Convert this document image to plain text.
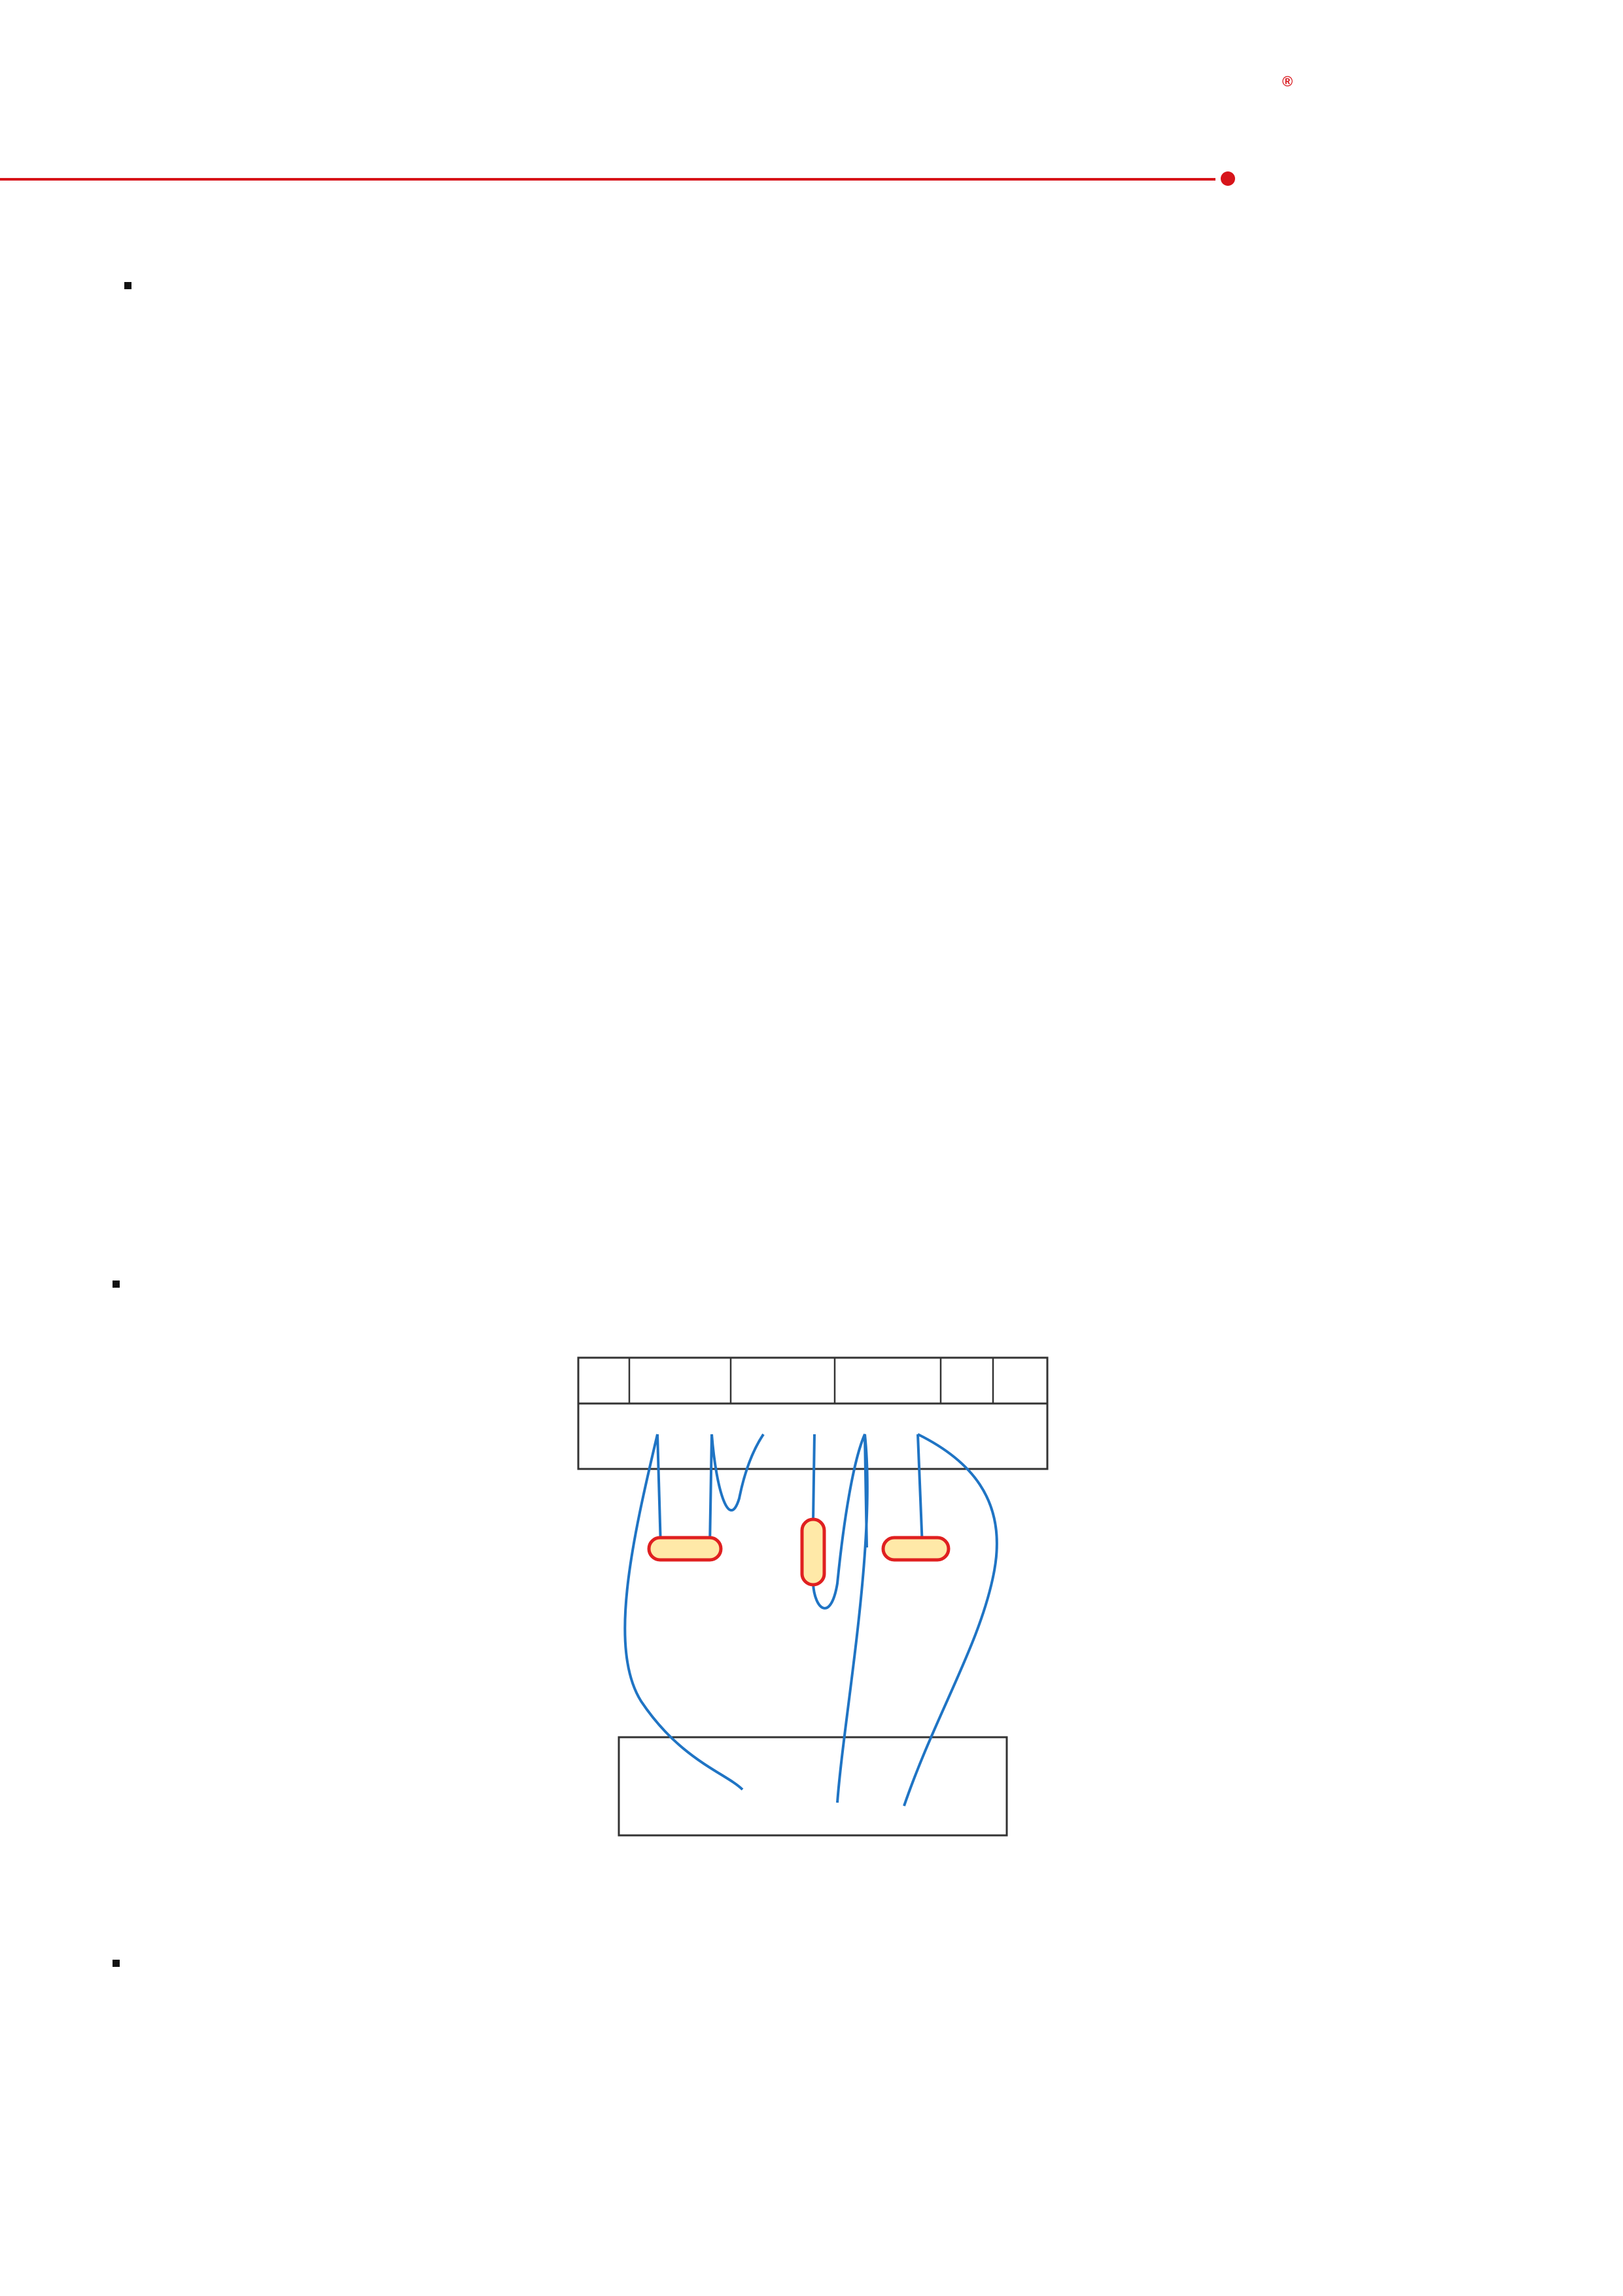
®
